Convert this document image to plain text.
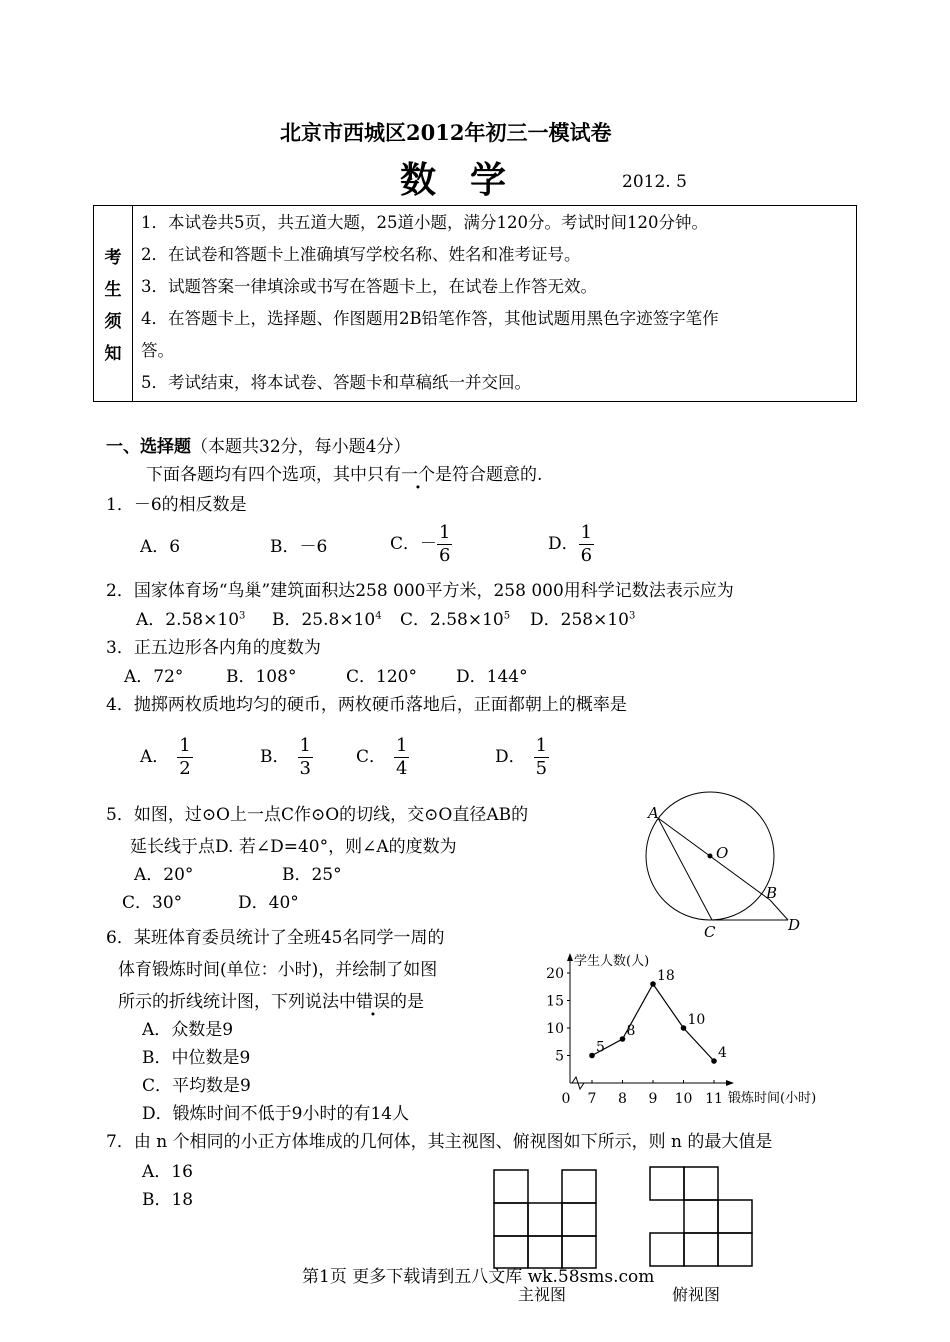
北京市西城区2012年初三一模试卷
数学	2012. 5
考
生
须
知

1．本试卷共5页，共五道大题，25道小题，满分120分。考试时间120分钟。
2．在试卷和答题卡上准确填写学校名称、姓名和准考证号。
3．试题答案一律填涂或书写在答题卡上，在试卷上作答无效。
4．在答题卡上，选择题、作图题用2B铅笔作答，其他试题用黑色字迹签字笔作
答。
5．考试结束，将本试卷、答题卡和草稿纸一并交回。
一、选择题（本题共32分，每小题4分）
下面各题均有四个选项，其中只有一个是符合题意的.
1．－6的相反数是
A．6	B．－6	C．－ $\frac{1}{6}$	D． $\frac{1}{6}$
2．国家体育场“鸟巢”建筑面积达258 000平方米，258 000用科学记数法表示应为
A．$2.58\times 10^3$ B．$25.8\times 10^4$ C．$2.58\times 10^5$ D．$258\times 10^3$
3．正五边形各内角的度数为
A．72°	B．108°	C．120° D．144°
4．抛掷两枚质地均匀的硬币，两枚硬币落地后，正面都朝上的概率是
A． $\frac{1}{2}$	B． $\frac{1}{3}$	C． $\frac{1}{4}$	D． $\frac{1}{5}$
5．如图，过⊙O上一点C作⊙O的切线，交⊙O直径AB的
延长线于点D. 若∠D=40°，则∠A的度数为
A．20°	B．25°
C．30°	D．40°
A
O
B
C	D
6．某班体育委员统计了全班45名同学一周的
体育锻炼时间(单位：小时)，并绘制了如图
所示的折线统计图，下列说法中错误的是
A．众数是9
B．中位数是9
C．平均数是9
D．锻炼时间不低于9小时的有14人
学生人数(人)
锻炼时间(小时)
5
10
15
20
0 7 8 9 10 11
5
8
18
10
4
7．由 n 个相同的小正方体堆成的几何体，其主视图、俯视图如下所示，则 n 的最大值是
A．16
B．18
主视图	俯视图
第1页 更多下载请到五八文库 wk.58sms.com
